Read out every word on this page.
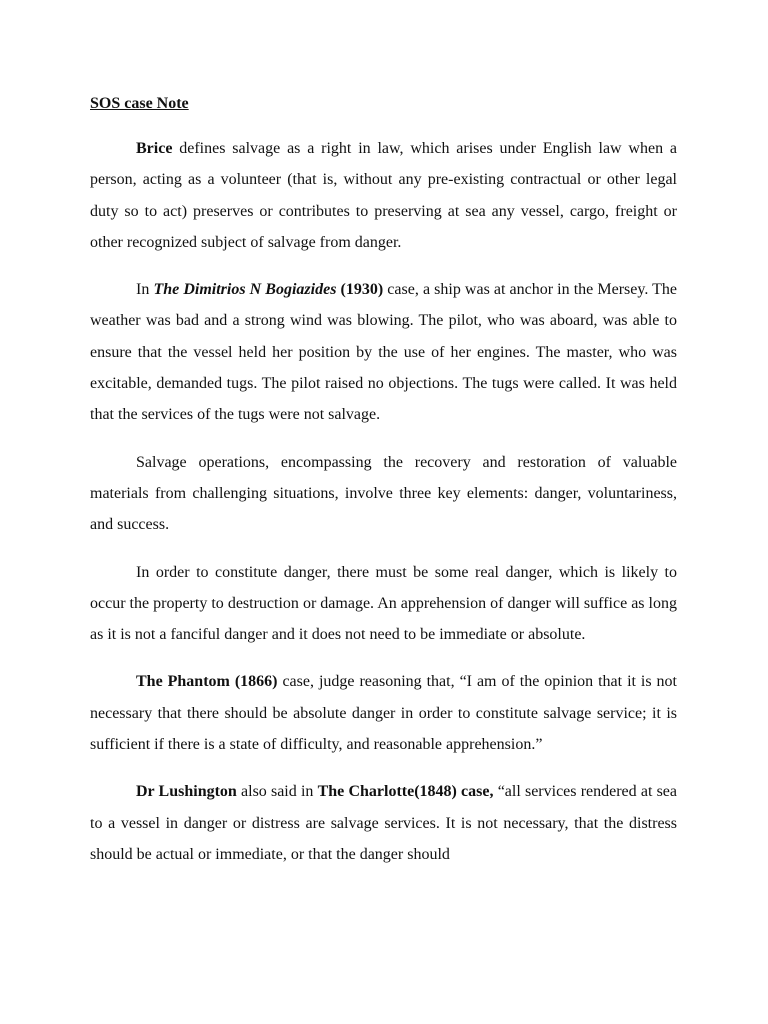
SOS case Note

Brice defines salvage as a right in law, which arises under English law when a person, acting as a volunteer (that is, without any pre-existing contractual or other legal duty so to act) preserves or contributes to preserving at sea any vessel, cargo, freight or other recognized subject of salvage from danger.

In The Dimitrios N Bogiazides (1930) case, a ship was at anchor in the Mersey. The weather was bad and a strong wind was blowing. The pilot, who was aboard, was able to ensure that the vessel held her position by the use of her engines. The master, who was excitable, demanded tugs. The pilot raised no objections. The tugs were called. It was held that the services of the tugs were not salvage.

Salvage operations, encompassing the recovery and restoration of valuable materials from challenging situations, involve three key elements: danger, voluntariness, and success.

In order to constitute danger, there must be some real danger, which is likely to occur the property to destruction or damage. An apprehension of danger will suffice as long as it is not a fanciful danger and it does not need to be immediate or absolute.

The Phantom (1866) case, judge reasoning that, “I am of the opinion that it is not necessary that there should be absolute danger in order to constitute salvage service; it is sufficient if there is a state of difficulty, and reasonable apprehension.”

Dr Lushington also said in The Charlotte(1848) case, “all services rendered at sea to a vessel in danger or distress are salvage services. It is not necessary, that the distress should be actual or immediate, or that the danger should
